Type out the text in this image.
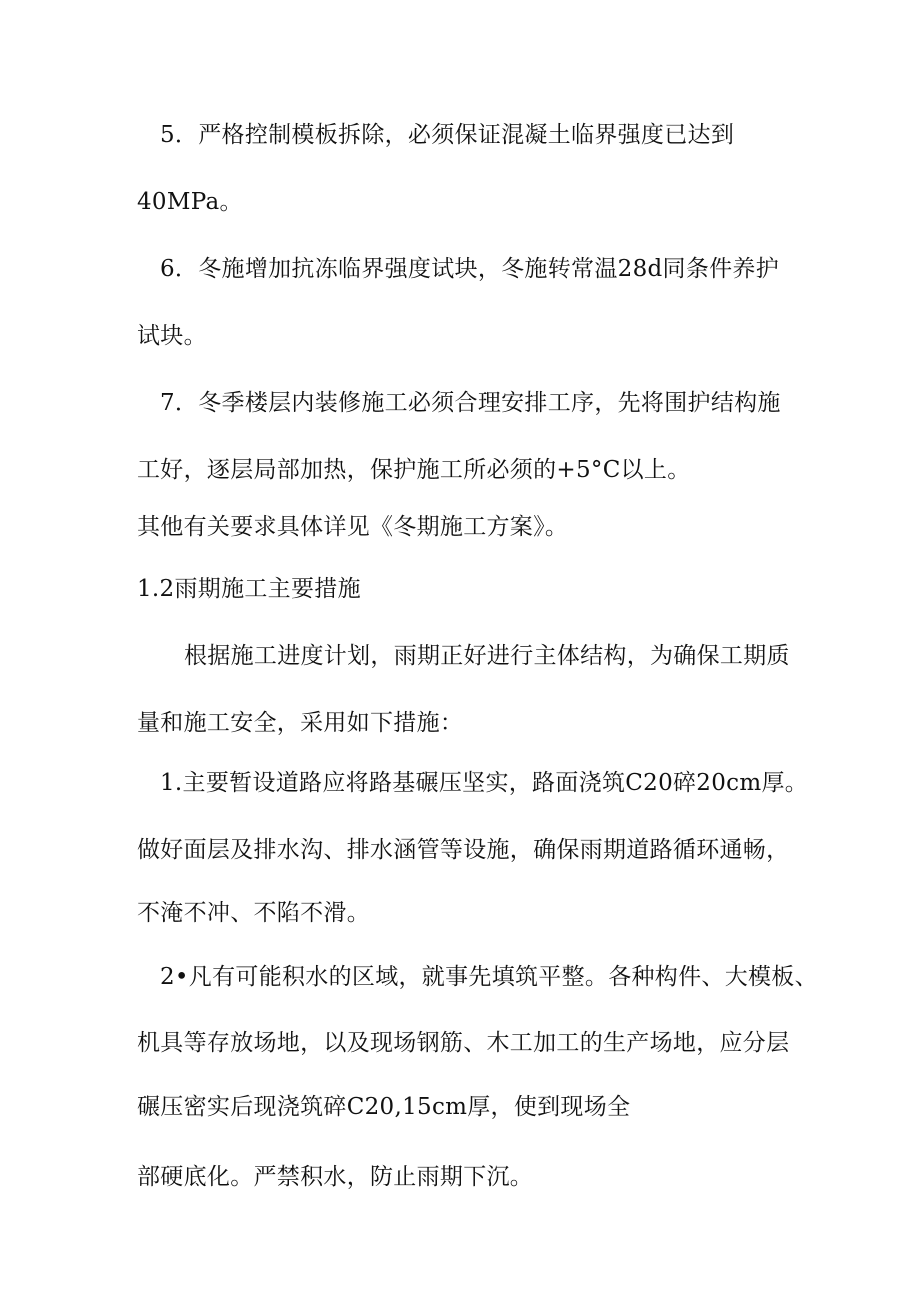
5．严格控制模板拆除，必须保证混凝土临界强度已达到
40MPa。
6．冬施增加抗冻临界强度试块，冬施转常温28d同条件养护
试块。
7．冬季楼层内装修施工必须合理安排工序，先将围护结构施
工好，逐层局部加热，保护施工所必须的+5°C以上。
其他有关要求具体详见《冬期施工方案》。
1.2雨期施工主要措施
根据施工进度计划，雨期正好进行主体结构，为确保工期质
量和施工安全，采用如下措施：
1.主要暂设道路应将路基碾压坚实，路面浇筑C20碎20cm厚。
做好面层及排水沟、排水涵管等设施，确保雨期道路循环通畅，
不淹不冲、不陷不滑。
2•凡有可能积水的区域，就事先填筑平整。各种构件、大模板、
机具等存放场地，以及现场钢筋、木工加工的生产场地，应分层
碾压密实后现浇筑碎C20,15cm厚，使到现场全
部硬底化。严禁积水，防止雨期下沉。
